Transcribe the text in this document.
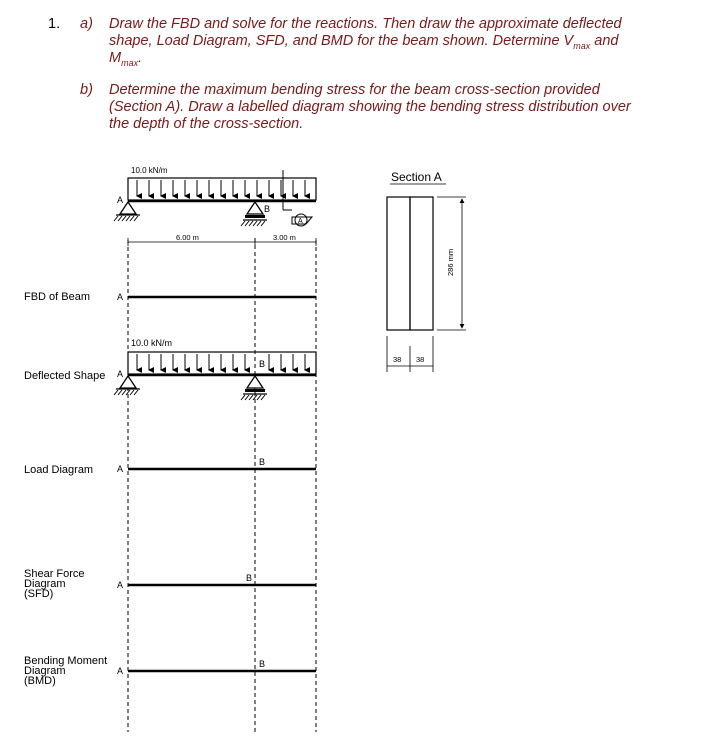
1. a) Draw the FBD and solve for the reactions. Then draw the approximate deflected
shape, Load Diagram, SFD, and BMD for the beam shown. Determine $V_{max}$ and
$M_{max}$.
b) Determine the maximum bending stress for the beam cross-section provided
(Section A). Draw a labelled diagram showing the bending stress distribution over
the depth of the cross-section.
10.0 kN/m
A
B
A
6.00 m	3.00 m
FBD of Beam	A
10.0 kN/m
Deflected Shape A
B
Load Diagram	A
B
Shear Force
Diagram
(SFD)
A
B
Bending Moment
Diagram
(BMD)
A
B
Section A
286 mm
38 38
